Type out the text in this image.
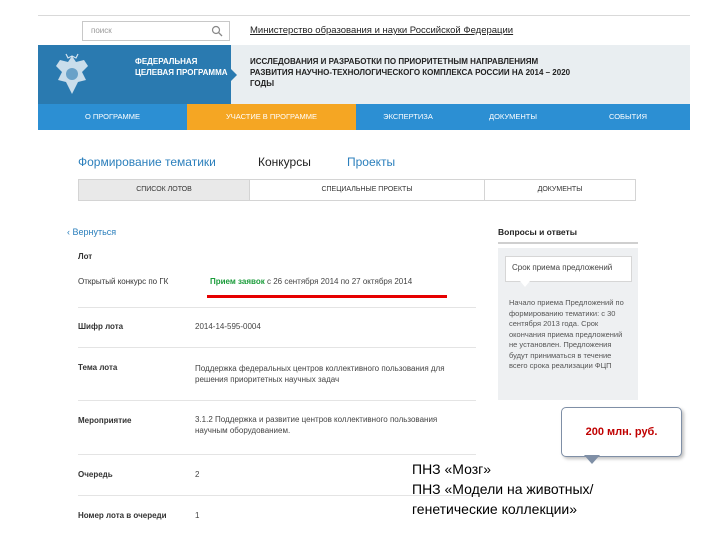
поиск	Министерство образования и науки Российской Федерации
ФЕДЕРАЛЬНАЯ ЦЕЛЕВАЯ ПРОГРАММА
ИССЛЕДОВАНИЯ И РАЗРАБОТКИ ПО ПРИОРИТЕТНЫМ НАПРАВЛЕНИЯМ РАЗВИТИЯ НАУЧНО-ТЕХНОЛОГИЧЕСКОГО КОМПЛЕКСА РОССИИ НА 2014 – 2020 ГОДЫ
О ПРОГРАММЕ	УЧАСТИЕ В ПРОГРАММЕ	ЭКСПЕРТИЗА	ДОКУМЕНТЫ	СОБЫТИЯ
Формирование тематики	Конкурсы	Проекты
СПИСОК ЛОТОВ	СПЕЦИАЛЬНЫЕ ПРОЕКТЫ	ДОКУМЕНТЫ
‹ Вернуться
Лот
Открытый конкурс по ГК	Прием заявок с 26 сентября 2014 по 27 октября 2014
Шифр лота	2014-14-595-0004
Тема лота	Поддержка федеральных центров коллективного пользования для решения приоритетных научных задач
Мероприятие	3.1.2 Поддержка и развитие центров коллективного пользования научным оборудованием.
Очередь	2
Номер лота в очереди	1
Вопросы и ответы
Срок приема предложений
Начало приема Предложений по формированию тематики: с 30 сентября 2013 года. Срок окончания приема предложений не установлен. Предложения будут приниматься в течение всего срока реализации ФЦП
200 млн. руб.
ПНЗ «Мозг»
ПНЗ «Модели на животных/
генетические коллекции»
